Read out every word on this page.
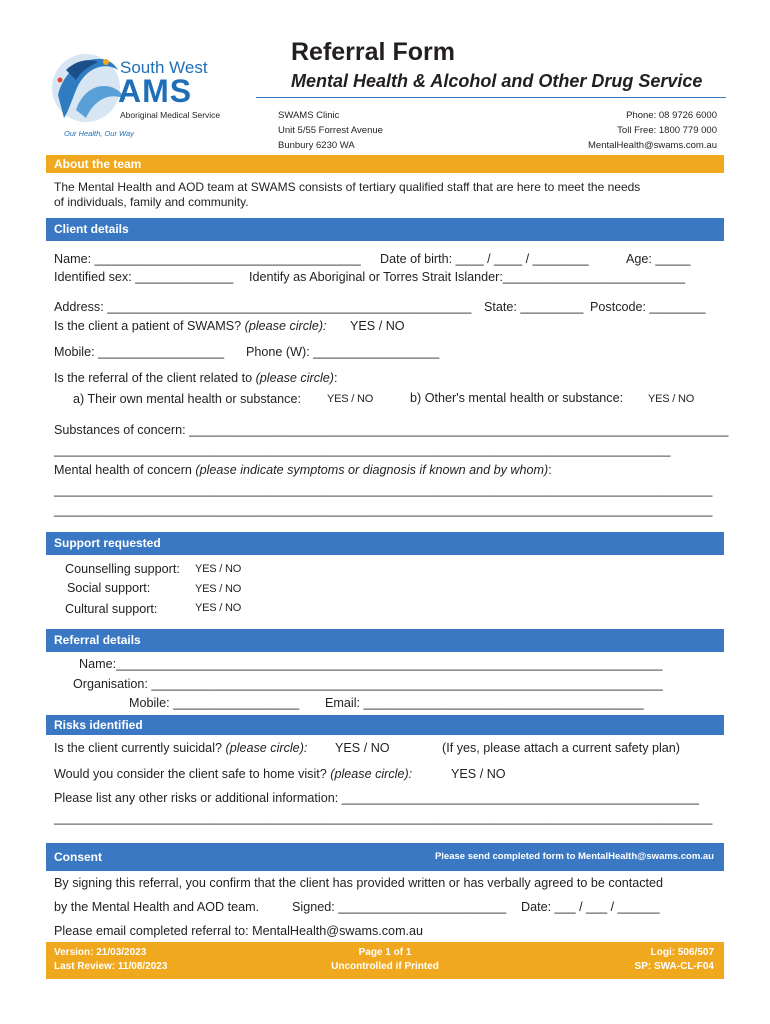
South West
AMS
Aboriginal Medical Service
Our Health, Our Way
Referral Form
Mental Health & Alcohol and Other Drug Service
SWAMS Clinic
Unit 5/55 Forrest Avenue
Bunbury 6230 WA
Phone: 08 9726 6000
Toll Free: 1800 779 000
MentalHealth@swams.com.au
About the team
The Mental Health and AOD team at SWAMS consists of tertiary qualified staff that are here to meet the needs
of individuals, family and community.
Client details
Name: ______________________________________ Date of birth: ____ / ____ / ________	Age: _____
Identified sex: ______________ Identify as Aboriginal or Torres Strait Islander:__________________________
Address: ____________________________________________________ State: _________ Postcode: ________
Is the client a patient of SWAMS? (please circle): YES / NO
Mobile: __________________ Phone (W): __________________
Is the referral of the client related to (please circle):
a) Their own mental health or substance: YES / NO	b) Other's mental health or substance: YES / NO
Substances of concern: _____________________________________________________________________________
________________________________________________________________________________________
Mental health of concern (please indicate symptoms or diagnosis if known and by whom):
______________________________________________________________________________________________
______________________________________________________________________________________________
Support requested
Counselling support: YES / NO
Social support:	YES / NO
Cultural support:	YES / NO
Referral details
Name:______________________________________________________________________________
Organisation: _________________________________________________________________________
Mobile: __________________ Email: ________________________________________
Risks identified
Is the client currently suicidal? (please circle): YES / NO	(If yes, please attach a current safety plan)
Would you consider the client safe to home visit? (please circle):	YES / NO
Please list any other risks or additional information: ___________________________________________________
______________________________________________________________________________________________
Consent	Please send completed form to MentalHealth@swams.com.au
By signing this referral, you confirm that the client has provided written or has verbally agreed to be contacted
by the Mental Health and AOD team.	Signed: ________________________ Date: ___ / ___ / ______
Please email completed referral to: MentalHealth@swams.com.au
Version: 21/03/2023
Last Review: 11/08/2023
Page 1 of 1
Uncontrolled if Printed
Logi: 506/507
SP: SWA-CL-F04
